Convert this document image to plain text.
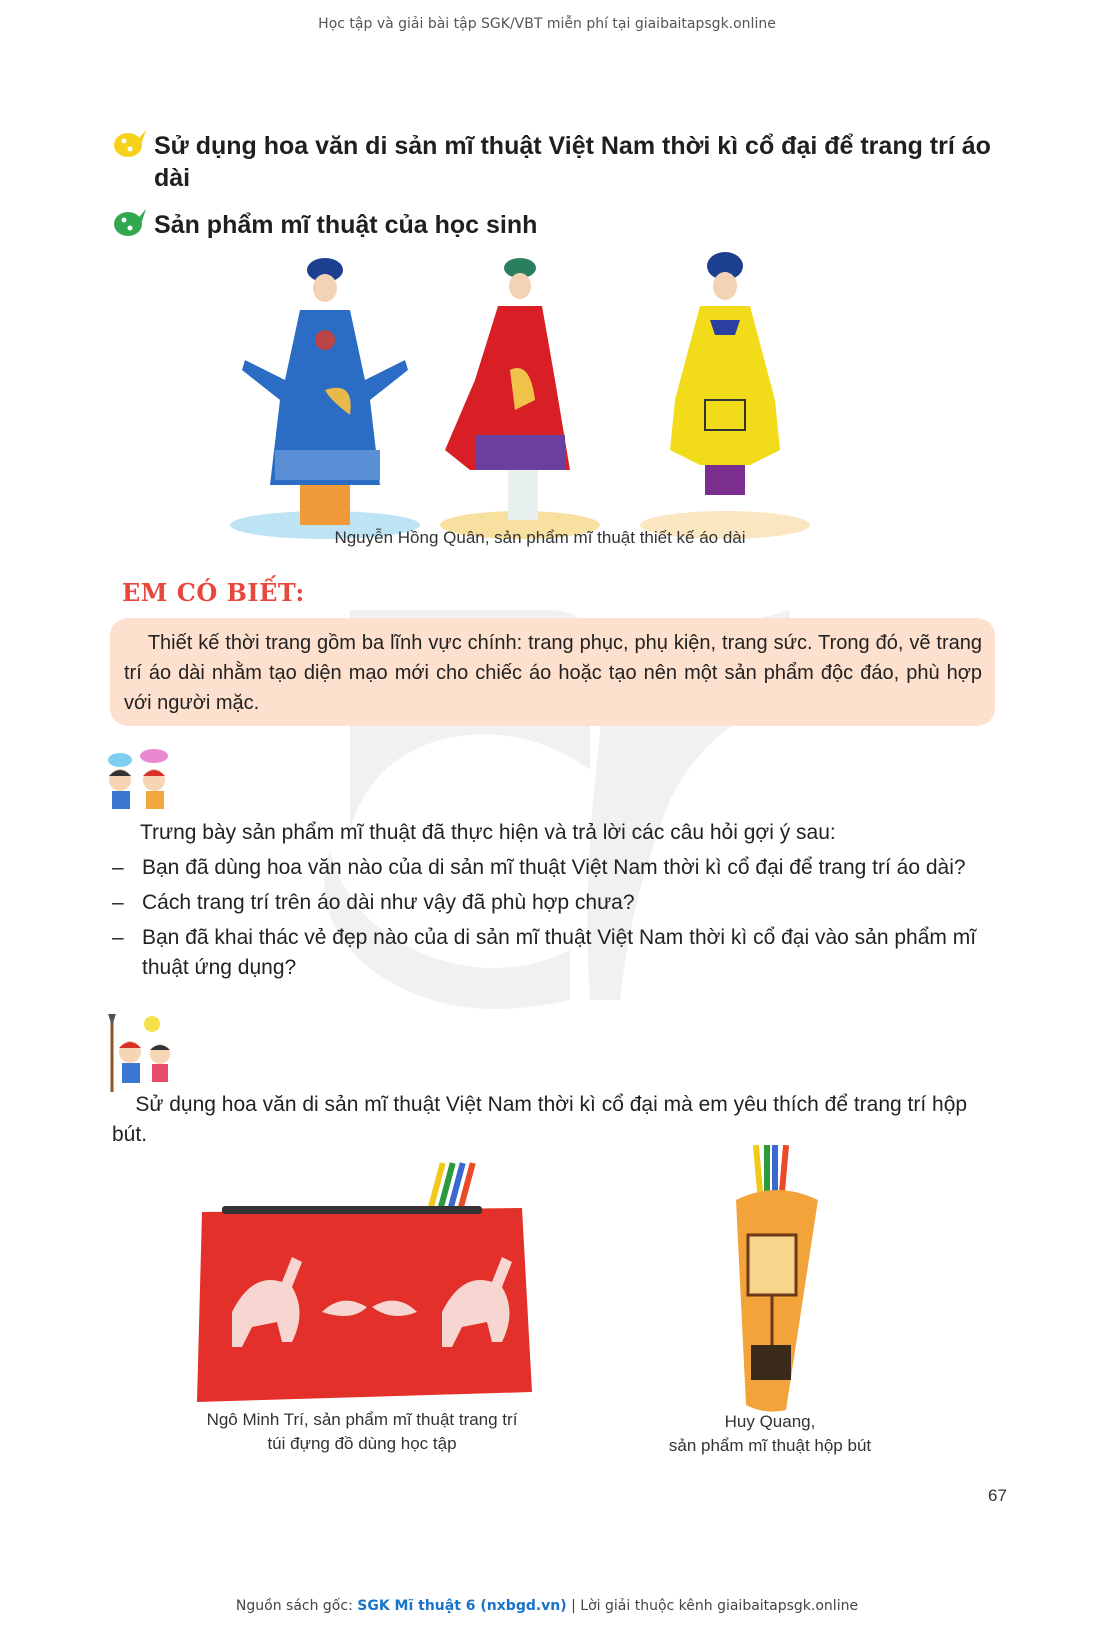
Học tập và giải bài tập SGK/VBT miễn phí tại giaibaitapsgk.online
Sử dụng hoa văn di sản mĩ thuật Việt Nam thời kì cổ đại để trang trí áo dài
Sản phẩm mĩ thuật của học sinh
Nguyễn Hồng Quân, sản phẩm mĩ thuật thiết kế áo dài
EM CÓ BIẾT:
Thiết kế thời trang gồm ba lĩnh vực chính: trang phục, phụ kiện, trang sức. Trong đó, vẽ trang trí áo dài nhằm tạo diện mạo mới cho chiếc áo hoặc tạo nên một sản phẩm độc đáo, phù hợp với người mặc.
Trưng bày sản phẩm mĩ thuật đã thực hiện và trả lời các câu hỏi gợi ý sau:
– Bạn đã dùng hoa văn nào của di sản mĩ thuật Việt Nam thời kì cổ đại để trang trí áo dài?
– Cách trang trí trên áo dài như vậy đã phù hợp chưa?
– Bạn đã khai thác vẻ đẹp nào của di sản mĩ thuật Việt Nam thời kì cổ đại vào sản phẩm mĩ thuật ứng dụng?
Sử dụng hoa văn di sản mĩ thuật Việt Nam thời kì cổ đại mà em yêu thích để trang trí hộp bút.
Ngô Minh Trí, sản phẩm mĩ thuật trang trí
túi đựng đồ dùng học tập
Huy Quang,
sản phẩm mĩ thuật hộp bút
67
Nguồn sách gốc: SGK Mĩ thuật 6 (nxbgd.vn) | Lời giải thuộc kênh giaibaitapsgk.online
